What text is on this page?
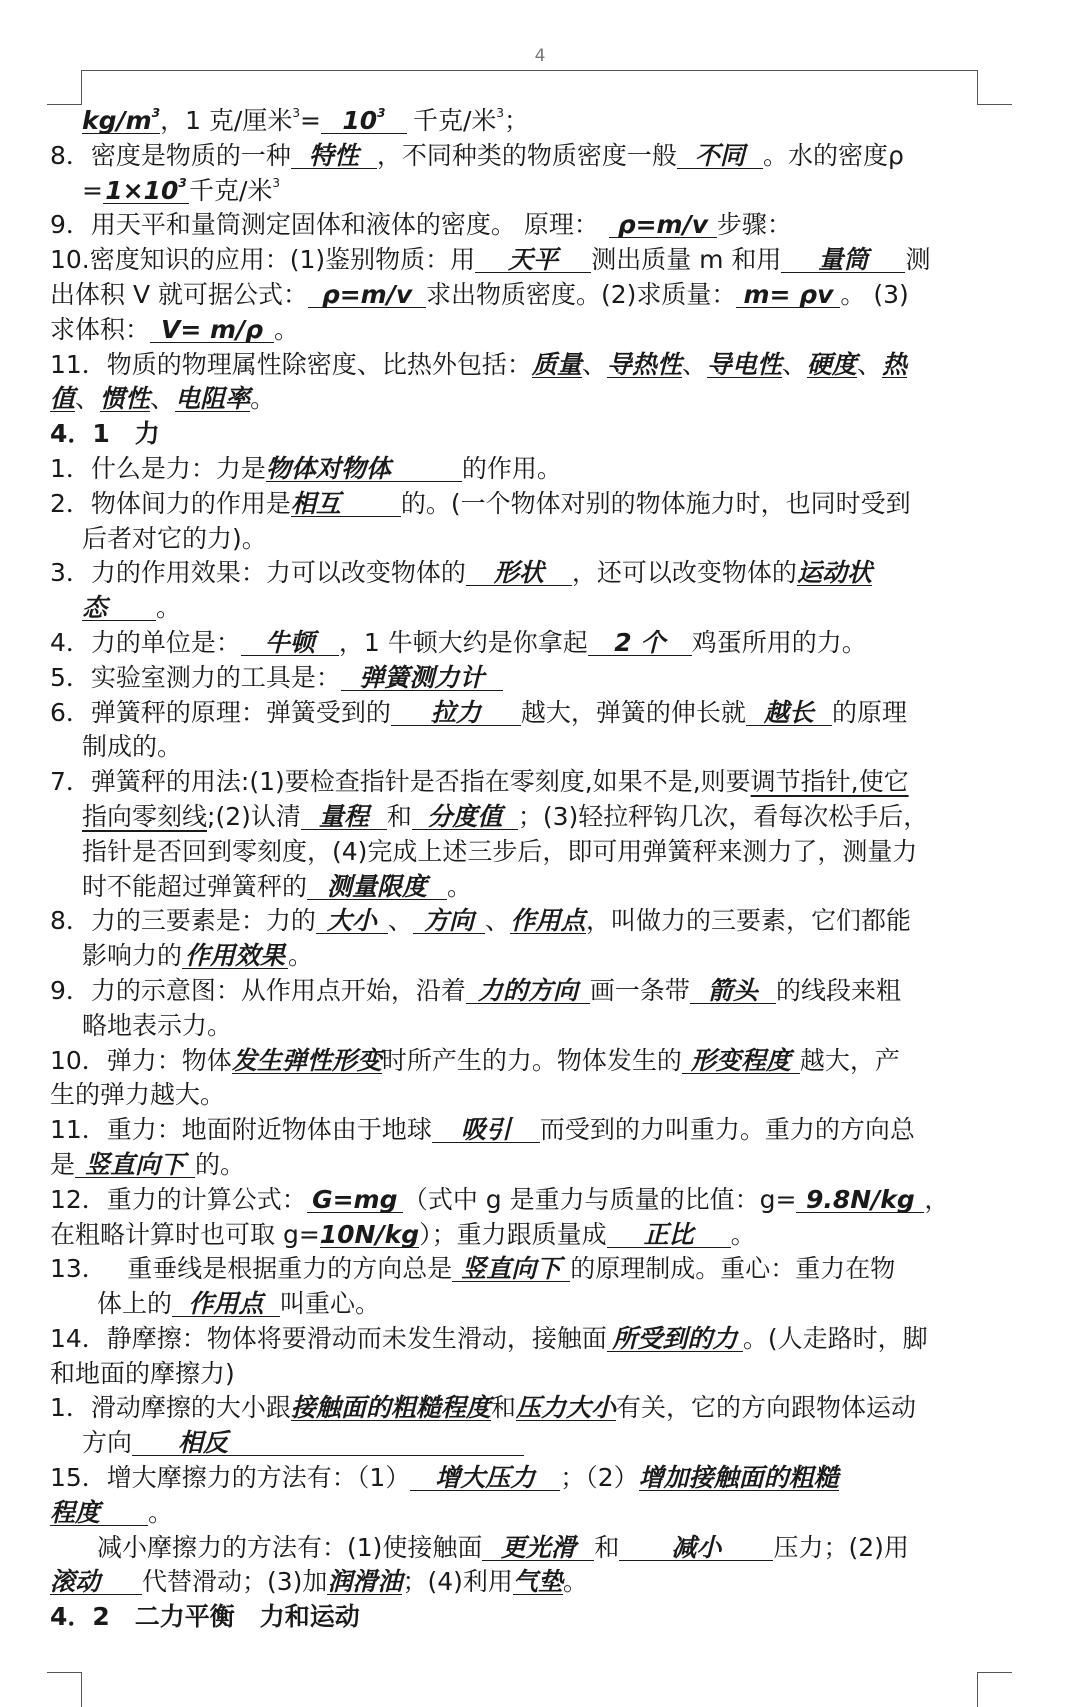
4
$kg/m^3$，1 克/厘米$^3= 10^3$ 千克/米$^3$；
8．密度是物质的一种 特性 ，不同种类的物质密度一般 不同 。水的密度ρ
$=1\times 10^3$千克/米$^3$
9．用天平和量筒测定固体和液体的密度。 原理： ρ=m/v 步骤：
10.密度知识的应用：(1)鉴别物质：用 天平 测出质量 m 和用 量筒 测
出体积 V 就可据公式： ρ=m/v 求出物质密度。(2)求质量： m= ρv 。 (3)
求体积： V= m/ρ 。
11．物质的物理属性除密度、比热外包括：质量、导热性、导电性、硬度、热
值、惯性、电阻率。
4．1　力
1．什么是力：力是物体对物体	的作用。
2．物体间力的作用是相互 的。(一个物体对别的物体施力时，也同时受到
后者对它的力)。
3．力的作用效果：力可以改变物体的 形状 ，还可以改变物体的运动状
态 。
4．力的单位是： 牛顿 ，1 牛顿大约是你拿起 2 个 鸡蛋所用的力。
5．实验室测力的工具是： 弹簧测力计
6．弹簧秤的原理：弹簧受到的 拉力 越大，弹簧的伸长就 越长 的原理
制成的。
7．弹簧秤的用法:(1)要检查指针是否指在零刻度,如果不是,则要调节指针,使它
指向零刻线;(2)认清 量程 和 分度值 ；(3)轻拉秤钩几次，看每次松手后，
指针是否回到零刻度，(4)完成上述三步后，即可用弹簧秤来测力了，测量力
时不能超过弹簧秤的 测量限度 。
8．力的三要素是：力的 大小 、 方向 、作用点，叫做力的三要素，它们都能
影响力的 作用效果 。
9．力的示意图：从作用点开始，沿着 力的方向 画一条带 箭头 的线段来粗
略地表示力。
10．弹力：物体发生弹性形变时所产生的力。物体发生的 形变程度 越大，产
生的弹力越大。
11．重力：地面附近物体由于地球 吸引 而受到的力叫重力。重力的方向总
是 竖直向下 的。
12．重力的计算公式： G=mg （式中 g 是重力与质量的比值：g= 9.8N/kg ，
在粗略计算时也可取 g=10N/kg）；重力跟质量成 正比 。
13．　 重垂线是根据重力的方向总是 竖直向下 的原理制成。重心：重力在物
体上的 作用点 叫重心。
14．静摩擦：物体将要滑动而未发生滑动，接触面 所受到的力 。(人走路时，脚
和地面的摩擦力)
1．滑动摩擦的大小跟接触面的粗糙程度和压力大小有关，它的方向跟物体运动
方向 相反
15．增大摩擦力的方法有：（1） 增大压力 ；（2）增加接触面的粗糙
程度 。
减小摩擦力的方法有：(1)使接触面 更光滑 和 减小 压力；(2)用
滚动 代替滑动；(3)加润滑油；(4)利用气垫。
4．2　二力平衡　力和运动
